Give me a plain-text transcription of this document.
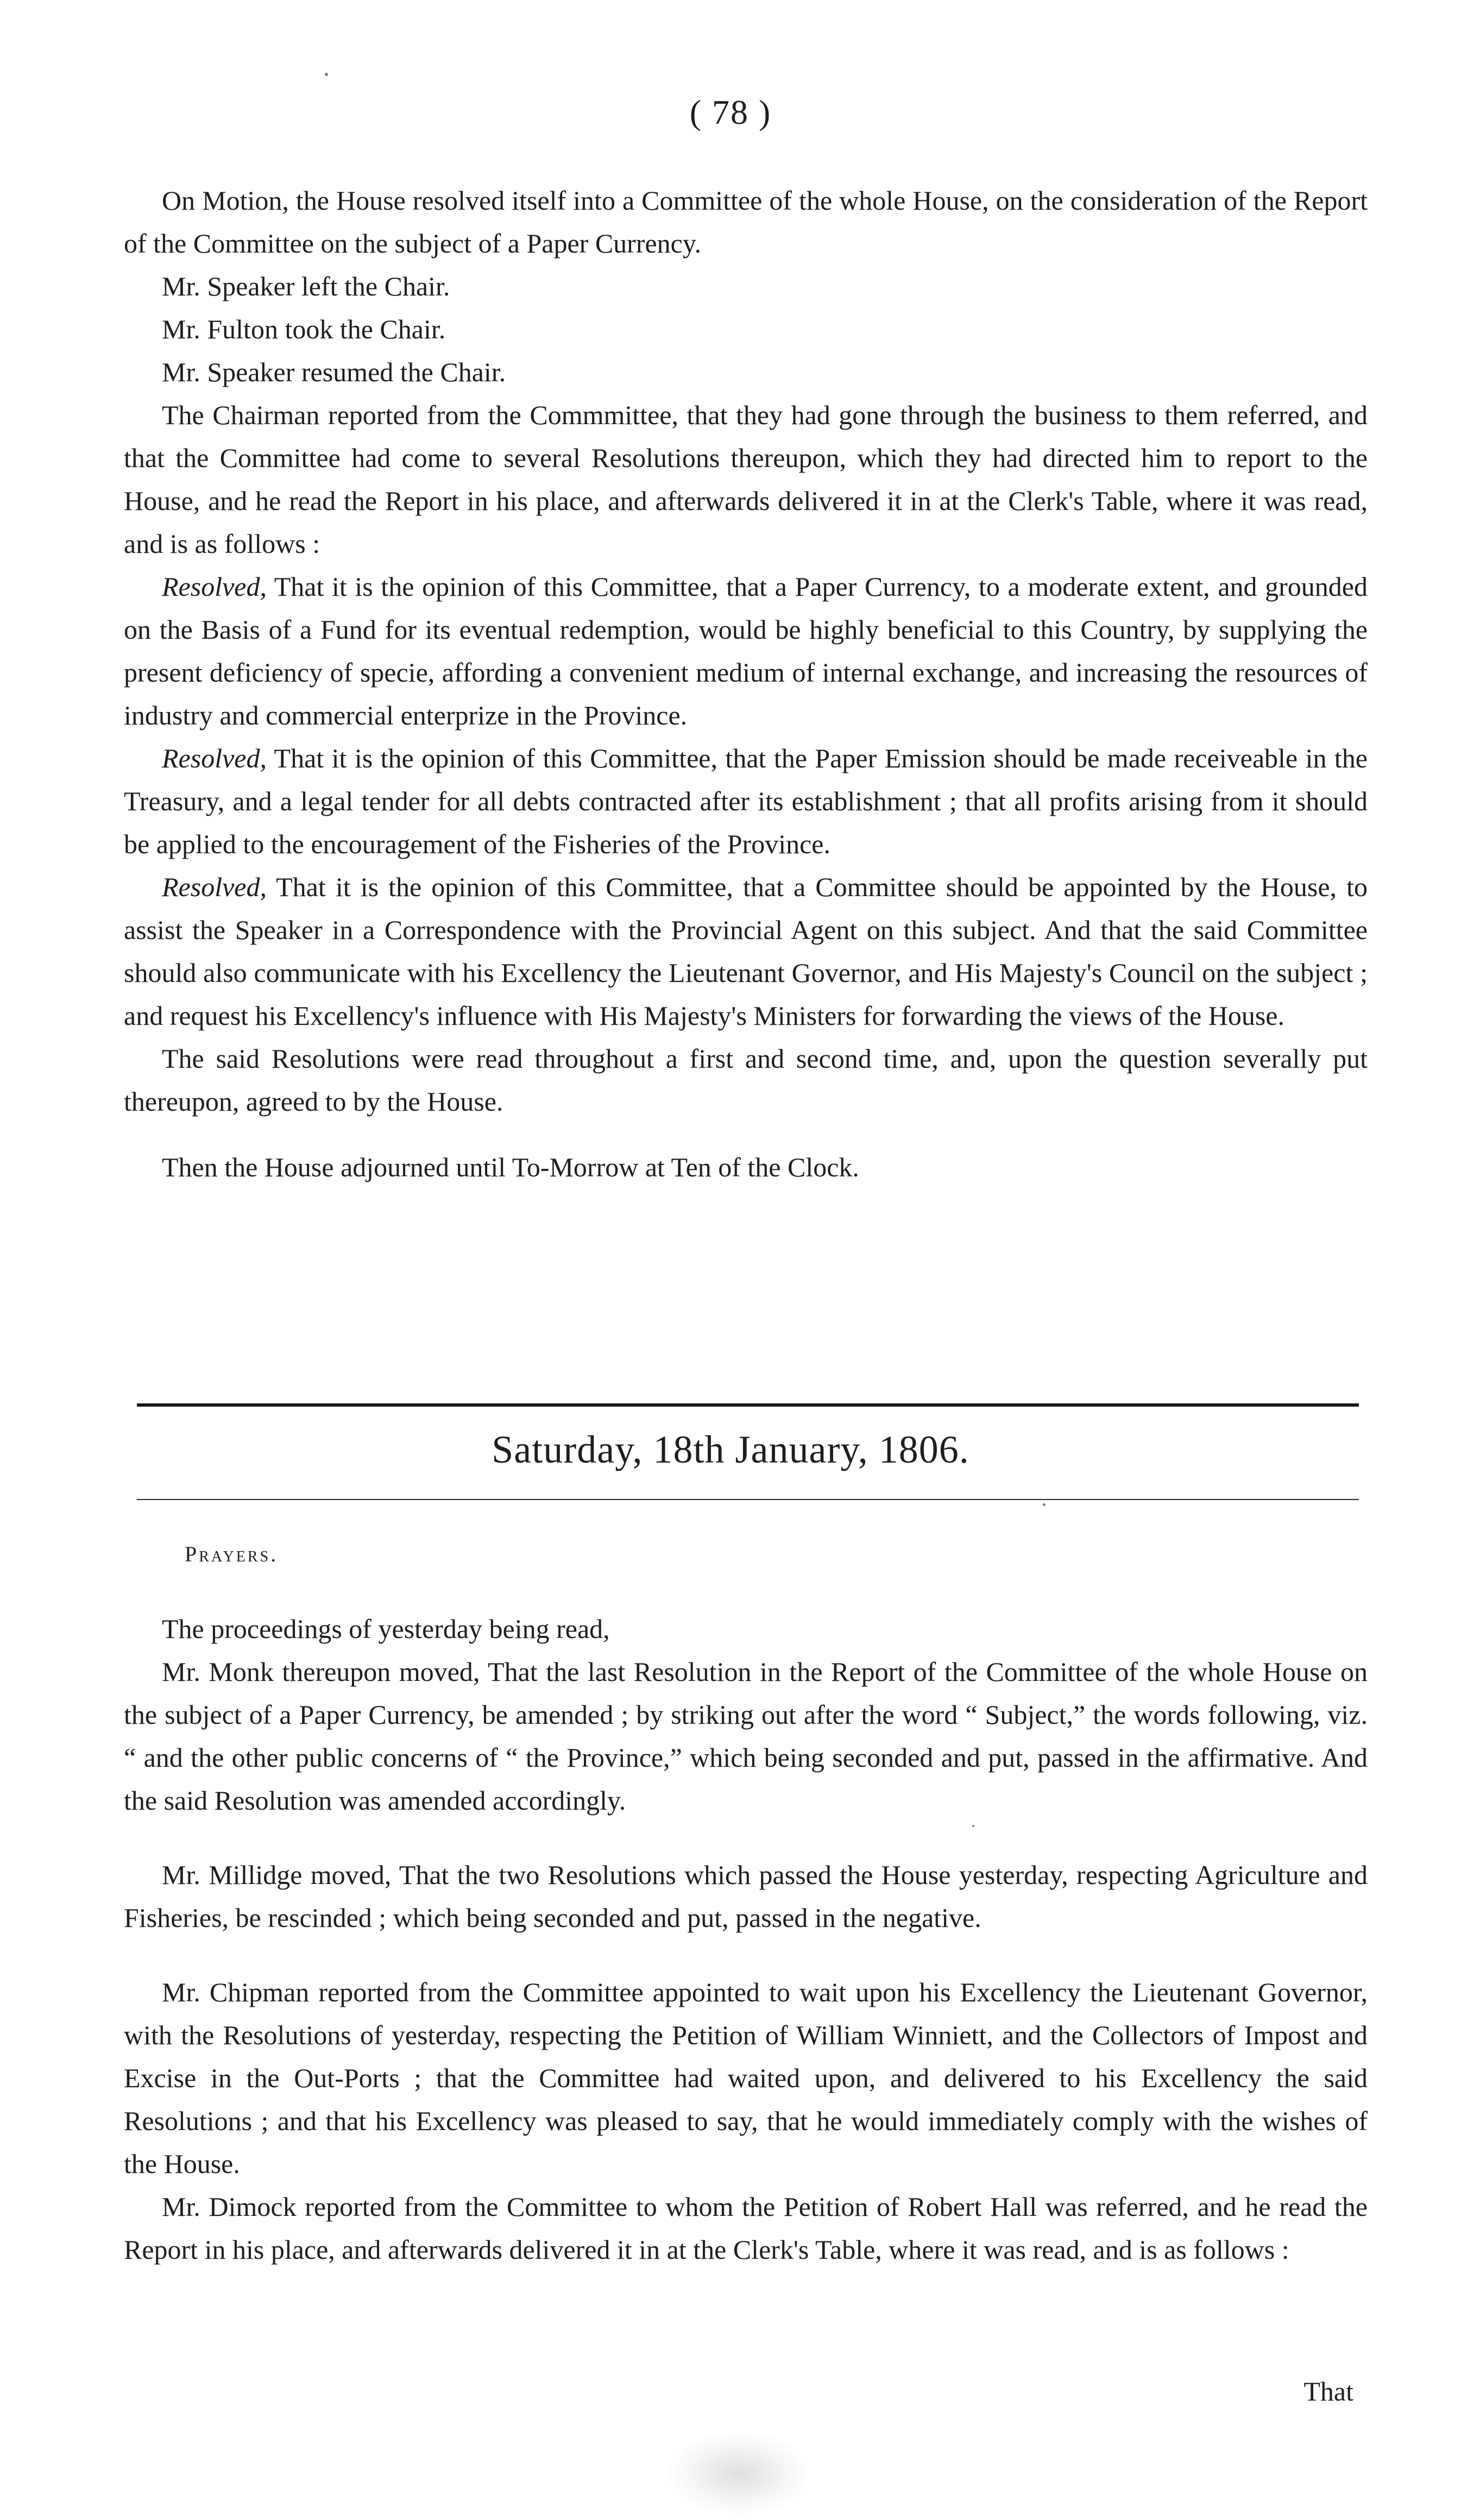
( 78 )

On Motion, the House resolved itself into a Committee of the whole House, on the consideration of the Report of the Committee on the subject of a Paper Currency.

Mr. Speaker left the Chair.

Mr. Fulton took the Chair.

Mr. Speaker resumed the Chair.

The Chairman reported from the Commmittee, that they had gone through the business to them referred, and that the Committee had come to several Resolutions thereupon, which they had directed him to report to the House, and he read the Report in his place, and afterwards delivered it in at the Clerk's Table, where it was read, and is as follows :

Resolved, That it is the opinion of this Committee, that a Paper Currency, to a moderate extent, and grounded on the Basis of a Fund for its eventual redemption, would be highly beneficial to this Country, by supplying the present deficiency of specie, affording a convenient medium of internal exchange, and increasing the resources of industry and commercial enterprize in the Province.

Resolved, That it is the opinion of this Committee, that the Paper Emission should be made receiveable in the Treasury, and a legal tender for all debts contracted after its establishment ; that all profits arising from it should be applied to the encouragement of the Fisheries of the Province.

Resolved, That it is the opinion of this Committee, that a Committee should be appointed by the House, to assist the Speaker in a Correspondence with the Provincial Agent on this subject. And that the said Committee should also communicate with his Excellency the Lieutenant Governor, and His Majesty's Council on the subject ; and request his Excellency's influence with His Majesty's Ministers for forwarding the views of the House.

The said Resolutions were read throughout a first and second time, and, upon the question severally put thereupon, agreed to by the House.

Then the House adjourned until To-Morrow at Ten of the Clock.

Saturday, 18th January, 1806.
Prayers.

The proceedings of yesterday being read,

Mr. Monk thereupon moved, That the last Resolution in the Report of the Committee of the whole House on the subject of a Paper Currency, be amended ; by striking out after the word “ Subject,” the words following, viz. “ and the other public concerns of “ the Province,” which being seconded and put, passed in the affirmative. And the said Resolution was amended accordingly.

Mr. Millidge moved, That the two Resolutions which passed the House yesterday, respecting Agriculture and Fisheries, be rescinded ; which being seconded and put, passed in the negative.

Mr. Chipman reported from the Committee appointed to wait upon his Excellency the Lieutenant Governor, with the Resolutions of yesterday, respecting the Petition of William Winniett, and the Collectors of Impost and Excise in the Out-Ports ; that the Committee had waited upon, and delivered to his Excellency the said Resolutions ; and that his Excellency was pleased to say, that he would immediately comply with the wishes of the House.

Mr. Dimock reported from the Committee to whom the Petition of Robert Hall was referred, and he read the Report in his place, and afterwards delivered it in at the Clerk's Table, where it was read, and is as follows :

That
